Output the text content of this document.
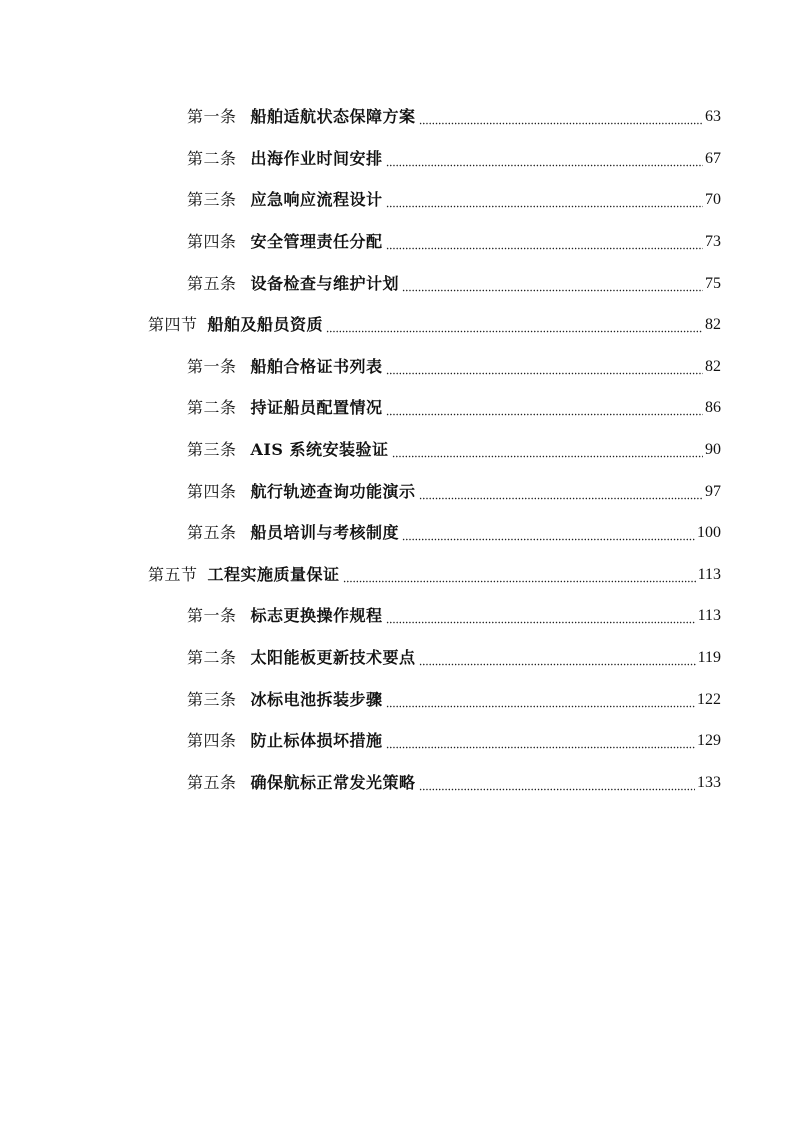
第一条 船舶适航状态保障方案	63
第二条 出海作业时间安排	67
第三条 应急响应流程设计	70
第四条 安全管理责任分配	73
第五条 设备检查与维护计划	75
第四节 船舶及船员资质	82
第一条 船舶合格证书列表	82
第二条 持证船员配置情况	86
第三条 AIS 系统安装验证	90
第四条 航行轨迹查询功能演示	97
第五条 船员培训与考核制度	100
第五节 工程实施质量保证	113
第一条 标志更换操作规程	113
第二条 太阳能板更新技术要点	119
第三条 冰标电池拆装步骤	122
第四条 防止标体损坏措施	129
第五条 确保航标正常发光策略	133
